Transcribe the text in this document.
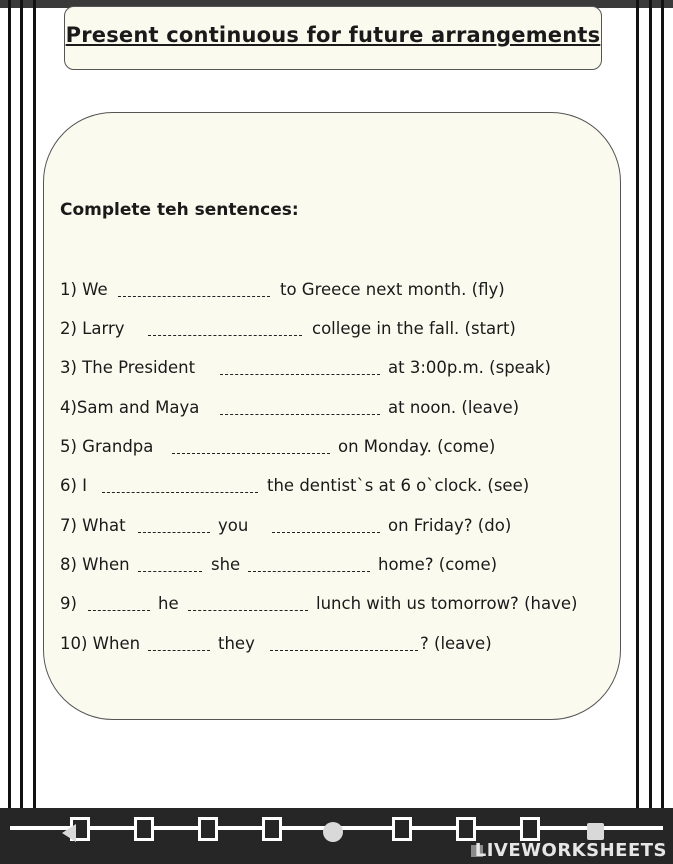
Present continuous for future arrangements
Complete teh sentences:
1) We	to Greece next month. (fly)
2) Larry	college in the fall. (start)
3) The President	at 3:00p.m. (speak)
4)Sam and Maya	at noon. (leave)
5) Grandpa	on Monday. (come)
6) I	the dentist`s at 6 o`clock. (see)
7) What	you	on Friday? (do)
8) When	she	home? (come)
9)	he	lunch with us tomorrow? (have)
10) When	they	? (leave)
LIVEWORKSHEETS
